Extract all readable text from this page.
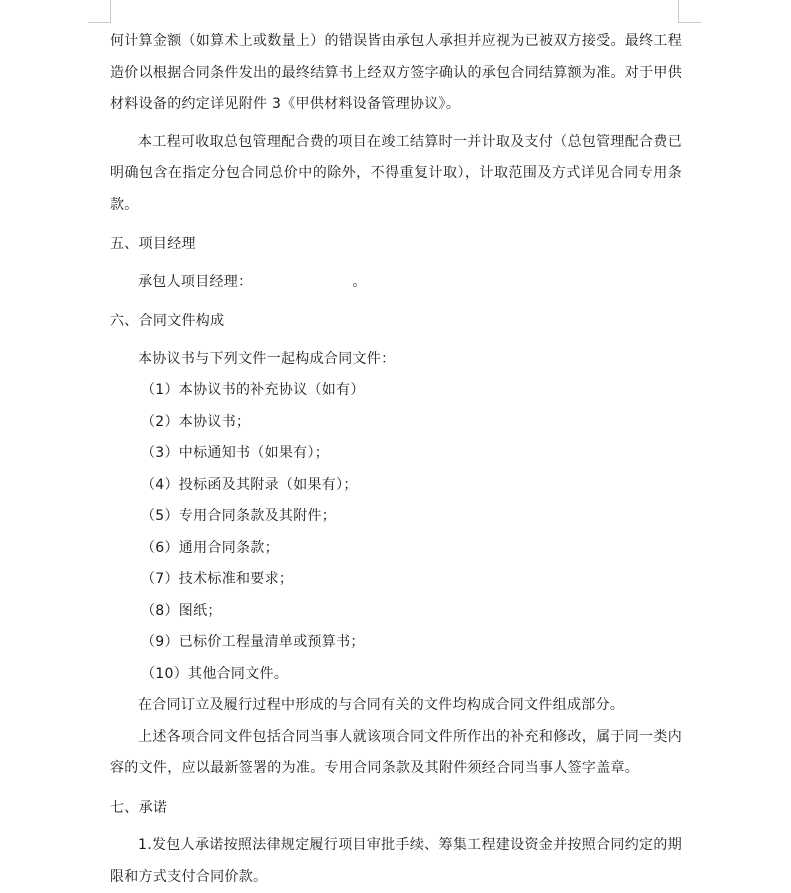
何计算金额（如算术上或数量上）的错误皆由承包人承担并应视为已被双方接受。最终工程造价以根据合同条件发出的最终结算书上经双方签字确认的承包合同结算额为准。对于甲供材料设备的约定详见附件 3《甲供材料设备管理协议》。

本工程可收取总包管理配合费的项目在竣工结算时一并计取及支付（总包管理配合费已明确包含在指定分包合同总价中的除外，不得重复计取），计取范围及方式详见合同专用条款。

五、项目经理

承包人项目经理：	。

六、合同文件构成

本协议书与下列文件一起构成合同文件：

（1）本协议书的补充协议（如有）

（2）本协议书；

（3）中标通知书（如果有）；

（4）投标函及其附录（如果有）；

（5）专用合同条款及其附件；

（6）通用合同条款；

（7）技术标准和要求；

（8）图纸；

（9）已标价工程量清单或预算书；

（10）其他合同文件。

在合同订立及履行过程中形成的与合同有关的文件均构成合同文件组成部分。

上述各项合同文件包括合同当事人就该项合同文件所作出的补充和修改，属于同一类内容的文件，应以最新签署的为准。专用合同条款及其附件须经合同当事人签字盖章。

七、承诺

1.发包人承诺按照法律规定履行项目审批手续、筹集工程建设资金并按照合同约定的期限和方式支付合同价款。
